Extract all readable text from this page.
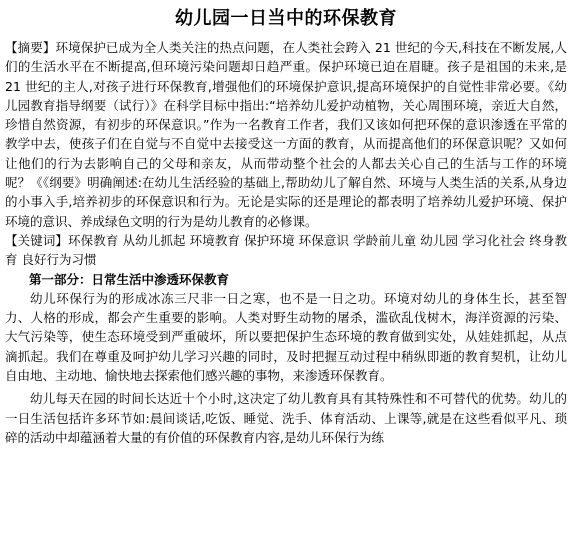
幼儿园一日当中的环保教育

【摘要】环境保护已成为全人类关注的热点问题，在人类社会跨入 21 世纪的今天,科技在不断发展,人们的生活水平在不断提高,但环境污染问题却日趋严重。保护环境已迫在眉睫。孩子是祖国的未来,是 21 世纪的主人,对孩子进行环保教育,增强他们的环境保护意识,提高环境保护的自觉性非常必要。《幼儿园教育指导纲要（试行）》在科学目标中指出:“培养幼儿爱护动植物，关心周围环境，亲近大自然，珍惜自然资源，有初步的环保意识。”作为一名教育工作者，我们又该如何把环保的意识渗透在平常的教学中去，使孩子们在自觉与不自觉中去接受这一方面的教育，从而提高他们的环保意识呢？又如何让他们的行为去影响自己的父母和亲友，从而带动整个社会的人都去关心自己的生活与工作的环境呢？《《纲要》明确阐述:在幼儿生活经验的基础上,帮助幼儿了解自然、环境与人类生活的关系,从身边的小事入手,培养初步的环保意识和行为。无论是实际的还是理论的都表明了培养幼儿爱护环境、保护环境的意识、养成绿色文明的行为是幼儿教育的必修课。

【关键词】环保教育 从幼儿抓起 环境教育 保护环境 环保意识 学龄前儿童 幼儿园 学习化社会 终身教育 良好行为习惯

第一部分：日常生活中渗透环保教育

幼儿环保行为的形成冰冻三尺非一日之寒，也不是一日之功。环境对幼儿的身体生长，甚至智力、人格的形成，都会产生重要的影响。人类对野生动物的屠杀，滥砍乱伐树木，海洋资源的污染、大气污染等，使生态环境受到严重破坏，所以要把保护生态环境的教育做到实处，从娃娃抓起，从点滴抓起。我们在尊重及呵护幼儿学习兴趣的同时，及时把握互动过程中稍纵即逝的教育契机，让幼儿自由地、主动地、愉快地去探索他们感兴趣的事物，来渗透环保教育。

幼儿每天在园的时间长达近十个小时,这决定了幼儿教育具有其特殊性和不可替代的优势。幼儿的一日生活包括许多环节如:晨间谈话,吃饭、睡觉、洗手、体育活动、上课等,就是在这些看似平凡、琐碎的活动中却蕴涵着大量的有价值的环保教育内容,是幼儿环保行为练
